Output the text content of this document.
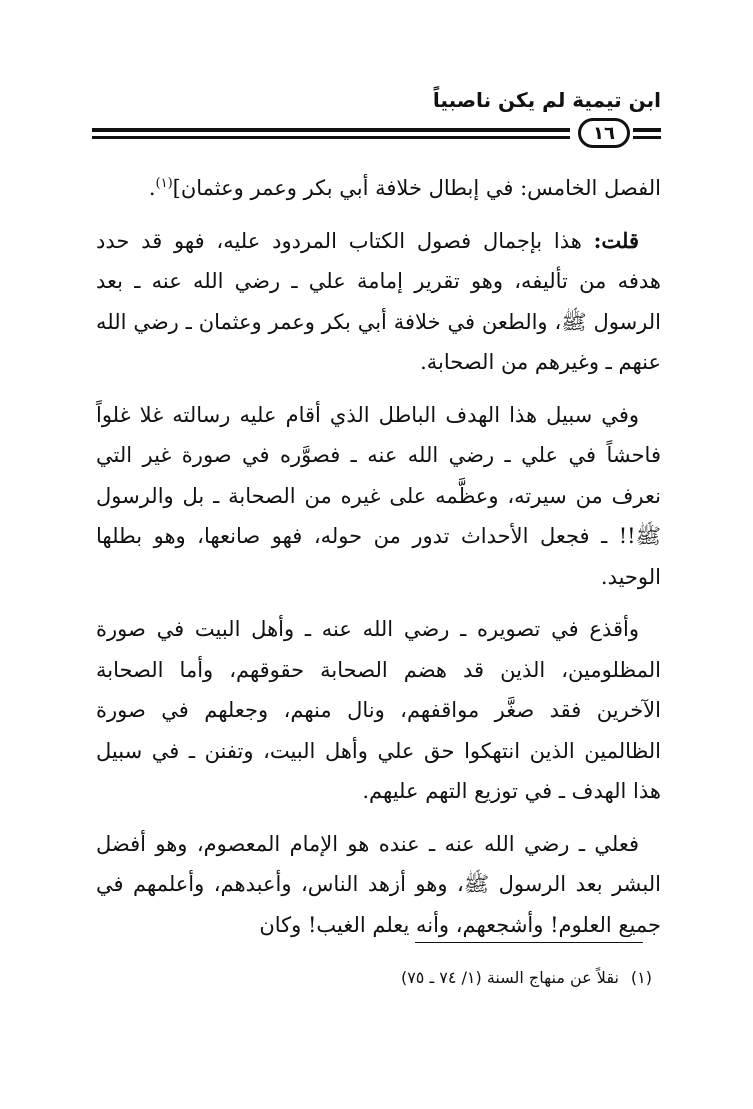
ابن تيمية لم يكن ناصبياً
١٦

الفصل الخامس: في إبطال خلافة أبي بكر وعمر وعثمان]$^{(١)}$.

قلت: هذا بإجمال فصول الكتاب المردود عليه، فهو قد حدد هدفه من تأليفه، وهو تقرير إمامة علي ـ رضي الله عنه ـ بعد الرسول ﷺ، والطعن في خلافة أبي بكر وعمر وعثمان ـ رضي الله عنهم ـ وغيرهم من الصحابة.

وفي سبيل هذا الهدف الباطل الذي أقام عليه رسالته غلا غلواً فاحشاً في علي ـ رضي الله عنه ـ فصوَّره في صورة غير التي نعرف من سيرته، وعظَّمه على غيره من الصحابة ـ بل والرسول ﷺ!! ـ فجعل الأحداث تدور من حوله، فهو صانعها، وهو بطلها الوحيد.

وأقذع في تصويره ـ رضي الله عنه ـ وأهل البيت في صورة المظلومين، الذين قد هضم الصحابة حقوقهم، وأما الصحابة الآخرين فقد صغَّر مواقفهم، ونال منهم، وجعلهم في صورة الظالمين الذين انتهكوا حق علي وأهل البيت، وتفنن ـ في سبيل هذا الهدف ـ في توزيع التهم عليهم.

فعلي ـ رضي الله عنه ـ عنده هو الإمام المعصوم، وهو أفضل البشر بعد الرسول ﷺ، وهو أزهد الناس، وأعبدهم، وأعلمهم في جميع العلوم! وأشجعهم، وأنه يعلم الغيب! وكان

(١)نقلاً عن منهاج السنة (١/ ٧٤ ـ ٧٥)
